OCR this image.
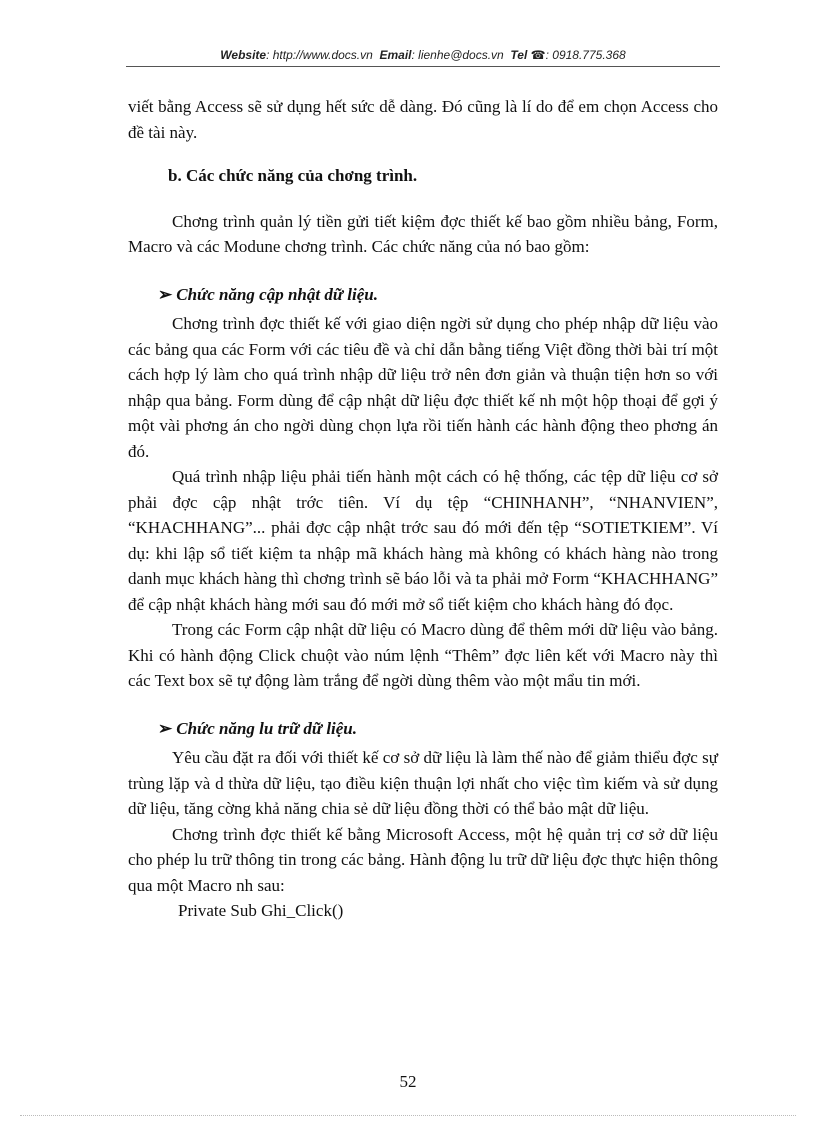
Website: http://www.docs.vn Email: lienhe@docs.vn Tel ☎: 0918.775.368

viết bằng Access sẽ sử dụng hết sức dễ dàng. Đó cũng là lí do để em chọn Access cho đề tài này.

b. Các chức năng của chơng trình.

Chơng trình quản lý tiền gửi tiết kiệm đợc thiết kế bao gồm nhiều bảng, Form, Macro và các Modune chơng trình. Các chức năng của nó bao gồm:

➢ Chức năng cập nhật dữ liệu.

Chơng trình đợc thiết kế với giao diện ngời sử dụng cho phép nhập dữ liệu vào các bảng qua các Form với các tiêu đề và chỉ dẫn bằng tiếng Việt đồng thời bài trí một cách hợp lý làm cho quá trình nhập dữ liệu trở nên đơn giản và thuận tiện hơn so với nhập qua bảng. Form dùng để cập nhật dữ liệu đợc thiết kế nh một hộp thoại để gợi ý một vài phơng án cho ngời dùng chọn lựa rồi tiến hành các hành động theo phơng án đó.

Quá trình nhập liệu phải tiến hành một cách có hệ thống, các tệp dữ liệu cơ sở phải đợc cập nhật trớc tiên. Ví dụ tệp “CHINHANH”, “NHANVIEN”, “KHACHHANG”... phải đợc cập nhật trớc sau đó mới đến tệp “SOTIETKIEM”. Ví dụ: khi lập sổ tiết kiệm ta nhập mã khách hàng mà không có khách hàng nào trong danh mục khách hàng thì chơng trình sẽ báo lỗi và ta phải mở Form “KHACHHANG” để cập nhật khách hàng mới sau đó mới mở sổ tiết kiệm cho khách hàng đó đọc.

Trong các Form cập nhật dữ liệu có Macro dùng để thêm mới dữ liệu vào bảng. Khi có hành động Click chuột vào núm lệnh “Thêm” đợc liên kết với Macro này thì các Text box sẽ tự động làm trắng để ngời dùng thêm vào một mẩu tin mới.

➢ Chức năng lu trữ dữ liệu.

Yêu cầu đặt ra đối với thiết kế cơ sở dữ liệu là làm thế nào để giảm thiểu đợc sự trùng lặp và d thừa dữ liệu, tạo điều kiện thuận lợi nhất cho việc tìm kiếm và sử dụng dữ liệu, tăng cờng khả năng chia sẻ dữ liệu đồng thời có thể bảo mật dữ liệu.

Chơng trình đợc thiết kế bằng Microsoft Access, một hệ quản trị cơ sở dữ liệu cho phép lu trữ thông tin trong các bảng. Hành động lu trữ dữ liệu đợc thực hiện thông qua một Macro nh sau:

Private Sub Ghi_Click()

52
